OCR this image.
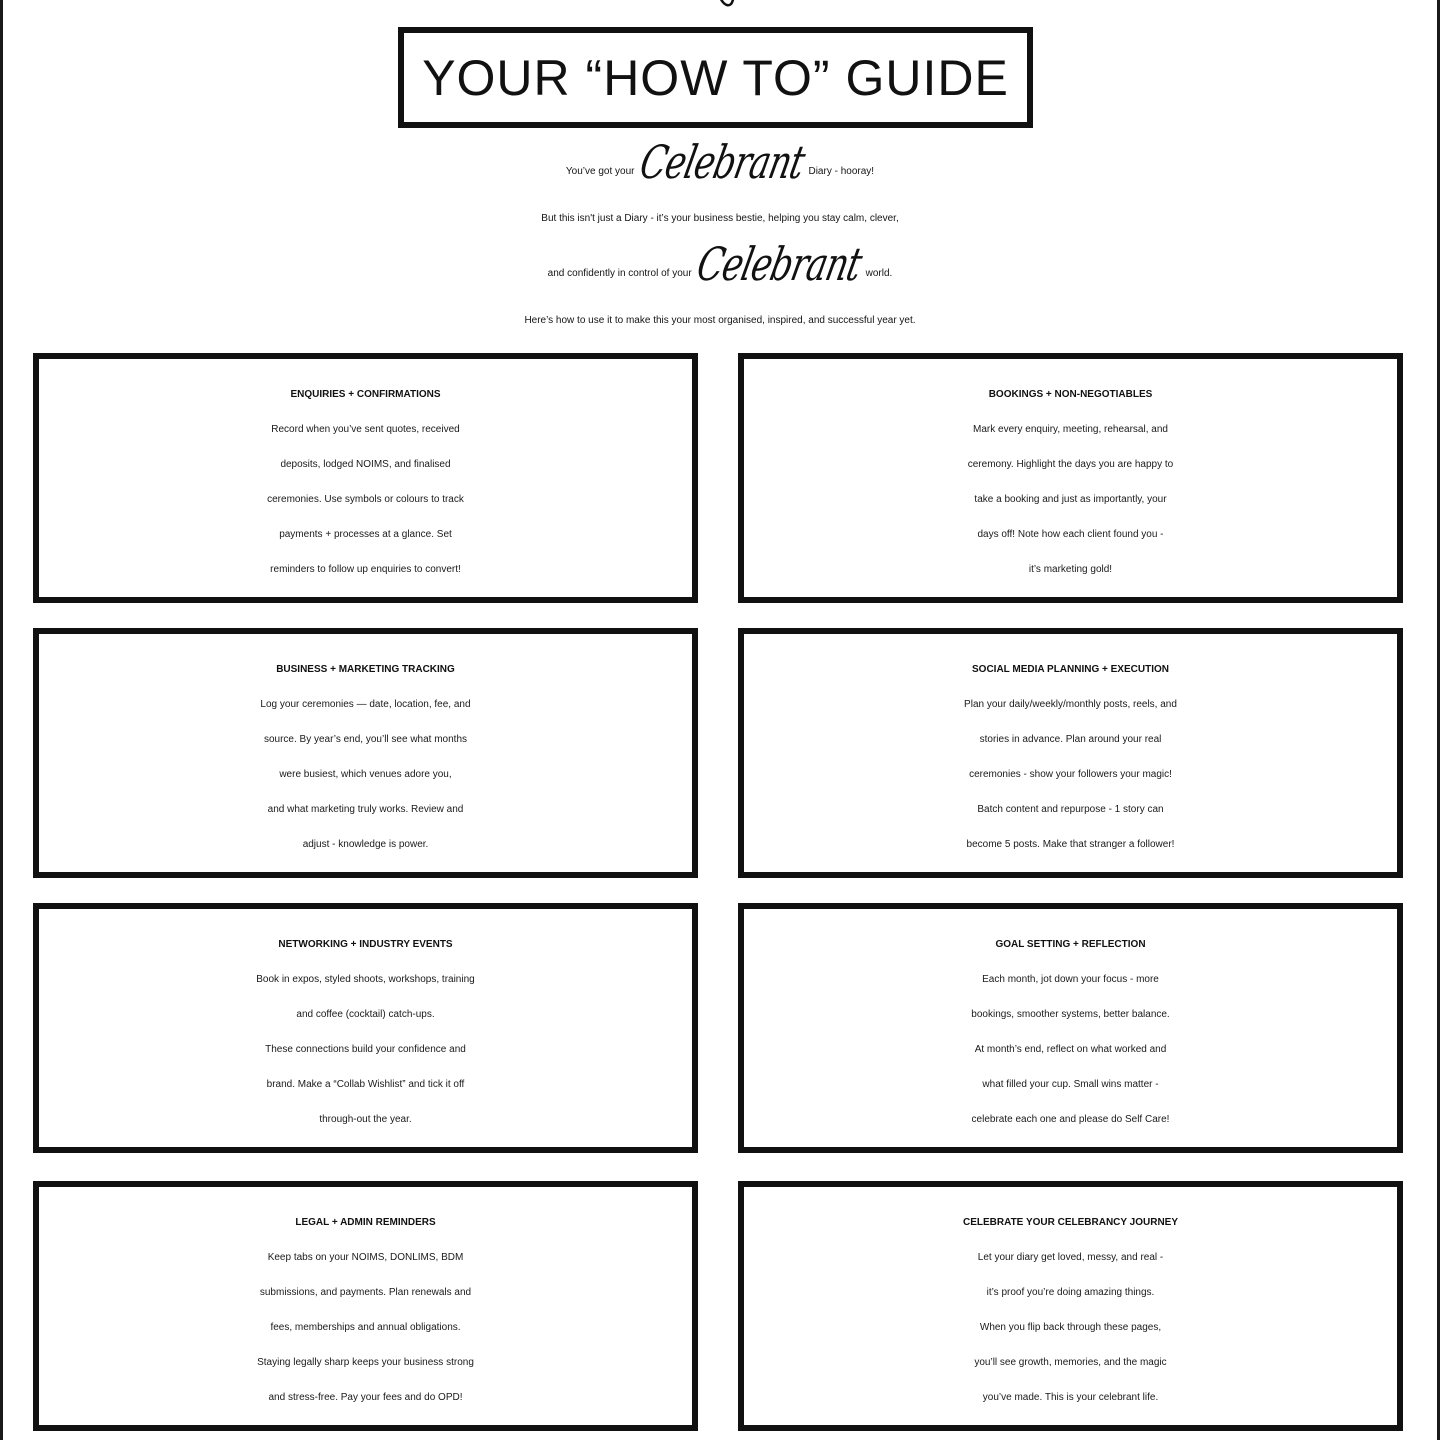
YOUR “HOW TO” GUIDE
You’ve got yourCelebrantDiary - hooray!
But this isn't just a Diary - it’s your business bestie, helping you stay calm, clever,
and confidently in control of yourCelebrantworld.
Here’s how to use it to make this your most organised, inspired, and successful year yet.
ENQUIRIES + CONFIRMATIONS
Record when you’ve sent quotes, received
deposits, lodged NOIMS, and finalised
ceremonies. Use symbols or colours to track
payments + processes at a glance. Set
reminders to follow up enquiries to convert!
BOOKINGS + NON-NEGOTIABLES
Mark every enquiry, meeting, rehearsal, and
ceremony. Highlight the days you are happy to
take a booking and just as importantly, your
days off! Note how each client found you -
it’s marketing gold!
BUSINESS + MARKETING TRACKING
Log your ceremonies — date, location, fee, and
source. By year’s end, you’ll see what months
were busiest, which venues adore you,
and what marketing truly works. Review and
adjust - knowledge is power.
SOCIAL MEDIA PLANNING + EXECUTION
Plan your daily/weekly/monthly posts, reels, and
stories in advance. Plan around your real
ceremonies - show your followers your magic!
Batch content and repurpose - 1 story can
become 5 posts. Make that stranger a follower!
NETWORKING + INDUSTRY EVENTS
Book in expos, styled shoots, workshops, training
and coffee (cocktail) catch-ups.
These connections build your confidence and
brand. Make a “Collab Wishlist” and tick it off
through-out the year.
GOAL SETTING + REFLECTION
Each month, jot down your focus - more
bookings, smoother systems, better balance.
At month’s end, reflect on what worked and
what filled your cup. Small wins matter -
celebrate each one and please do Self Care!
LEGAL + ADMIN REMINDERS
Keep tabs on your NOIMS, DONLIMS, BDM
submissions, and payments. Plan renewals and
fees, memberships and annual obligations.
Staying legally sharp keeps your business strong
and stress-free. Pay your fees and do OPD!
CELEBRATE YOUR CELEBRANCY JOURNEY
Let your diary get loved, messy, and real -
it’s proof you’re doing amazing things.
When you flip back through these pages,
you’ll see growth, memories, and the magic
you’ve made. This is your celebrant life.
